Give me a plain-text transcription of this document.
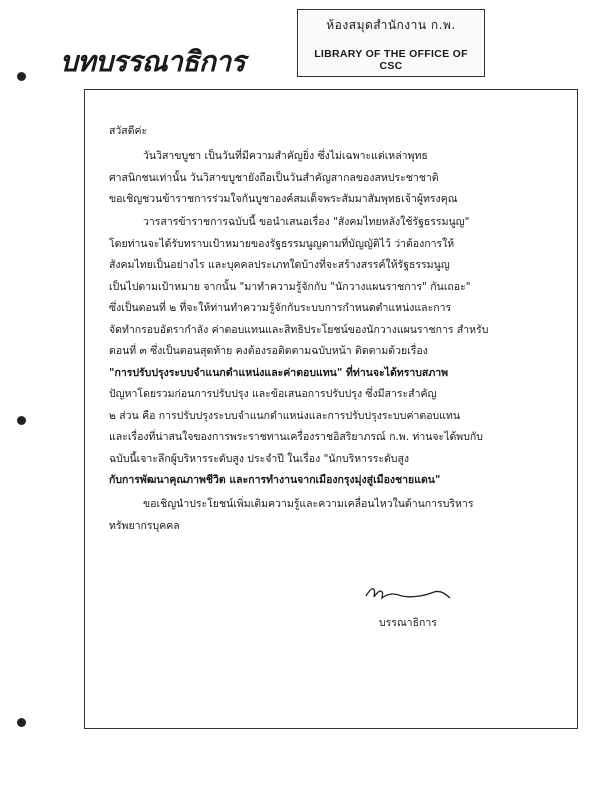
ห้องสมุดสำนักงาน ก.พ.
LIBRARY OF THE OFFICE OF CSC
บทบรรณาธิการ
สวัสดีค่ะ
วันวิสาขบูชา เป็นวันที่มีความสำคัญยิ่ง ซึ่งไม่เฉพาะแต่เหล่าพุทธ
ศาสนิกชนเท่านั้น วันวิสาขบูชายังถือเป็นวันสำคัญสากลของสหประชาชาติ
ขอเชิญชวนข้าราชการร่วมใจกันบูชาองค์สมเด็จพระสัมมาสัมพุทธเจ้าผู้ทรงคุณ
วารสารข้าราชการฉบับนี้ ขอนำเสนอเรื่อง "สังคมไทยหลังใช้รัฐธรรมนูญ"
โดยท่านจะได้รับทราบเป้าหมายของรัฐธรรมนูญตามที่บัญญัติไว้ ว่าต้องการให้
สังคมไทยเป็นอย่างไร และบุคคลประเภทใดบ้างที่จะสร้างสรรค์ให้รัฐธรรมนูญ
เป็นไปตามเป้าหมาย จากนั้น "มาทำความรู้จักกับ "นักวางแผนราชการ" กันเถอะ"
ซึ่งเป็นตอนที่ ๒ ที่จะให้ท่านทำความรู้จักกับระบบการกำหนดตำแหน่งและการ
จัดทำกรอบอัตรากำลัง ค่าตอบแทนและสิทธิประโยชน์ของนักวางแผนราชการ สำหรับ
ตอนที่ ๓ ซึ่งเป็นตอนสุดท้าย คงต้องรอติดตามฉบับหน้า ติดตามด้วยเรื่อง
"การปรับปรุงระบบจำแนกตำแหน่งและค่าตอบแทน" ที่ท่านจะได้ทราบสภาพ
ปัญหาโดยรวมก่อนการปรับปรุง และข้อเสนอการปรับปรุง ซึ่งมีสาระสำคัญ
๒ ส่วน คือ การปรับปรุงระบบจำแนกตำแหน่งและการปรับปรุงระบบค่าตอบแทน
และเรื่องที่น่าสนใจของการพระราชทานเครื่องราชอิสริยาภรณ์ ก.พ. ท่านจะได้พบกับ
ฉบับนี้เจาะลึกผู้บริหารระดับสูง ประจำปี ในเรื่อง "นักบริหารระดับสูง
กับการพัฒนาคุณภาพชีวิต และการทำงานจากเมืองกรุงมุ่งสู่เมืองชายแดน"
ขอเชิญนำประโยชน์เพิ่มเติมความรู้และความเคลื่อนไหวในด้านการบริหาร
ทรัพยากรบุคคล
บรรณาธิการ
